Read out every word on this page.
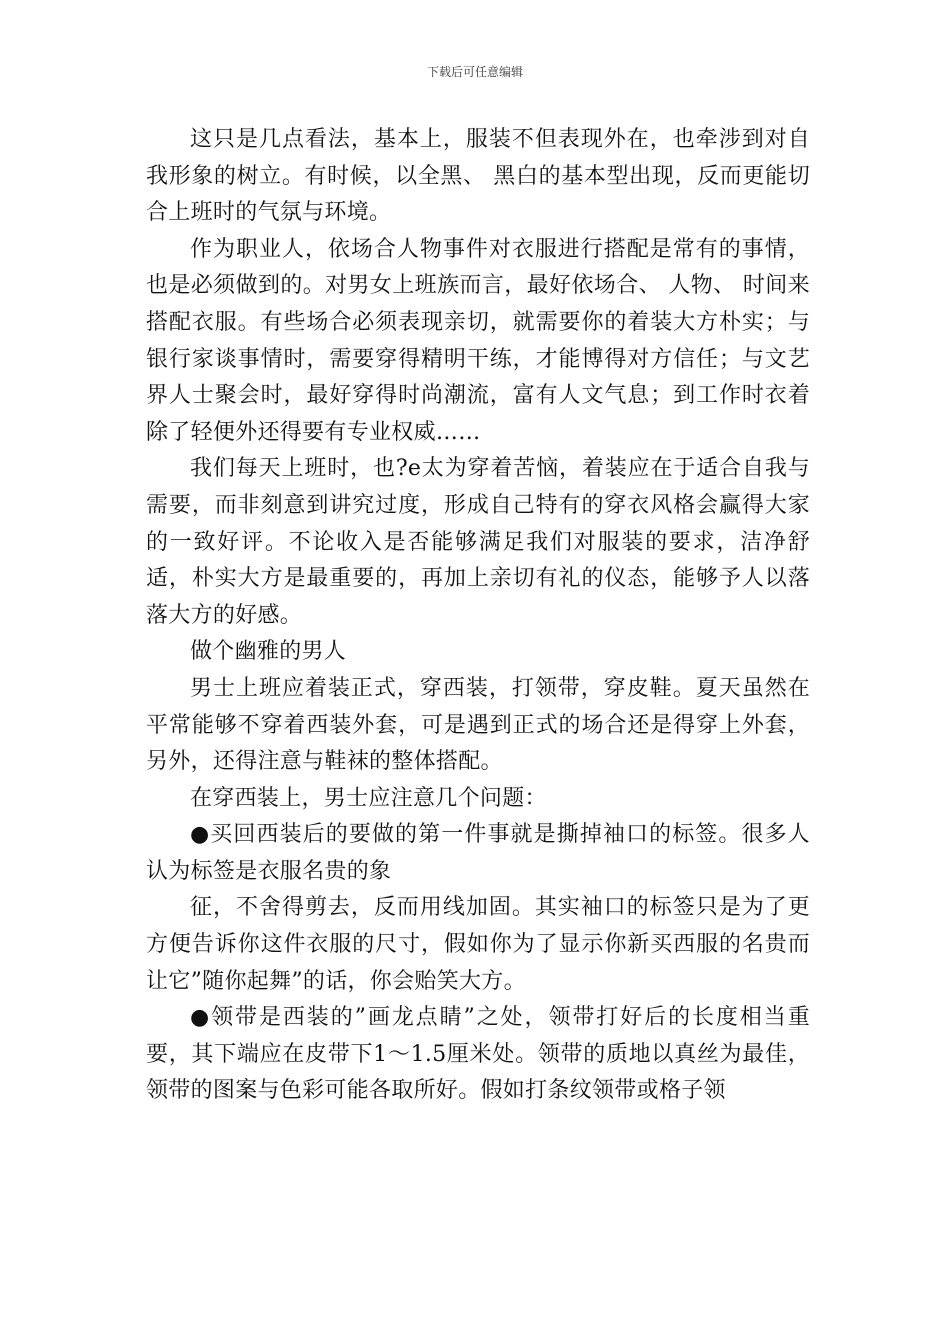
下载后可任意编辑

这只是几点看法，基本上，服装不但表现外在，也牵涉到对自我形象的树立。有时候，以全黑、 黑白的基本型出现，反而更能切合上班时的气氛与环境。

作为职业人，依场合人物事件对衣服进行搭配是常有的事情，也是必须做到的。对男女上班族而言，最好依场合、 人物、 时间来搭配衣服。有些场合必须表现亲切，就需要你的着装大方朴实；与银行家谈事情时，需要穿得精明干练，才能博得对方信任；与文艺界人士聚会时，最好穿得时尚潮流，富有人文气息；到工作时衣着除了轻便外还得要有专业权威……

我们每天上班时，也?e太为穿着苦恼，着装应在于适合自我与需要，而非刻意到讲究过度，形成自己特有的穿衣风格会赢得大家的一致好评。不论收入是否能够满足我们对服装的要求，洁净舒适，朴实大方是最重要的，再加上亲切有礼的仪态，能够予人以落落大方的好感。

做个幽雅的男人

男士上班应着装正式，穿西装，打领带，穿皮鞋。夏天虽然在平常能够不穿着西装外套，可是遇到正式的场合还是得穿上外套，另外，还得注意与鞋袜的整体搭配。

在穿西装上，男士应注意几个问题：

●买回西装后的要做的第一件事就是撕掉袖口的标签。很多人认为标签是衣服名贵的象

征，不舍得剪去，反而用线加固。其实袖口的标签只是为了更方便告诉你这件衣服的尺寸，假如你为了显示你新买西服的名贵而让它”随你起舞”的话，你会贻笑大方。

●领带是西装的”画龙点睛”之处，领带打好后的长度相当重要，其下端应在皮带下1～1.5厘米处。领带的质地以真丝为最佳，领带的图案与色彩可能各取所好。假如打条纹领带或格子领
